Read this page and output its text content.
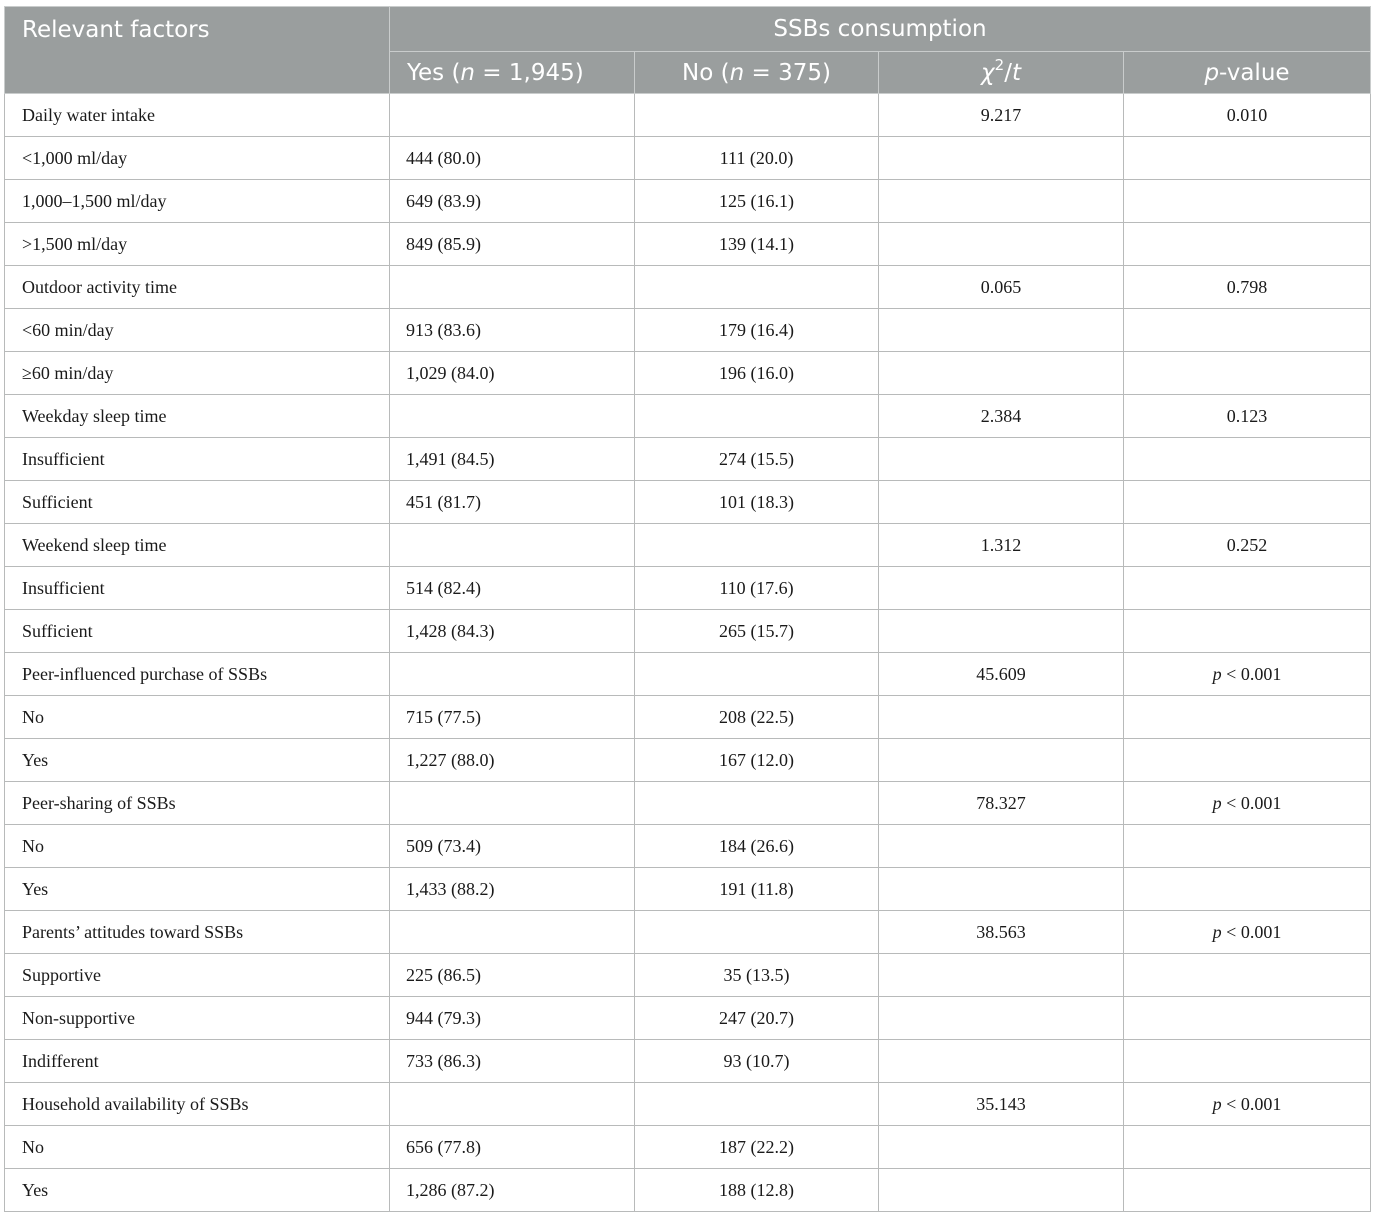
Relevant factors	SSBs consumption			
	Yes (n = 1,945)	No (n = 375)	$\chi^2/t$	p-value
Daily water intake			9.217	0.010
<1,000 ml/day	444 (80.0)	111 (20.0)		
1,000–1,500 ml/day	649 (83.9)	125 (16.1)		
>1,500 ml/day	849 (85.9)	139 (14.1)		
Outdoor activity time			0.065	0.798
<60 min/day	913 (83.6)	179 (16.4)		
≥60 min/day	1,029 (84.0)	196 (16.0)		
Weekday sleep time			2.384	0.123
Insufficient	1,491 (84.5)	274 (15.5)		
Sufficient	451 (81.7)	101 (18.3)		
Weekend sleep time			1.312	0.252
Insufficient	514 (82.4)	110 (17.6)		
Sufficient	1,428 (84.3)	265 (15.7)		
Peer-influenced purchase of SSBs			45.609	p < 0.001
No	715 (77.5)	208 (22.5)		
Yes	1,227 (88.0)	167 (12.0)		
Peer-sharing of SSBs			78.327	p < 0.001
No	509 (73.4)	184 (26.6)		
Yes	1,433 (88.2)	191 (11.8)		
Parents’ attitudes toward SSBs			38.563	p < 0.001
Supportive	225 (86.5)	35 (13.5)		
Non-supportive	944 (79.3)	247 (20.7)		
Indifferent	733 (86.3)	93 (10.7)		
Household availability of SSBs			35.143	p < 0.001
No	656 (77.8)	187 (22.2)		
Yes	1,286 (87.2)	188 (12.8)		
